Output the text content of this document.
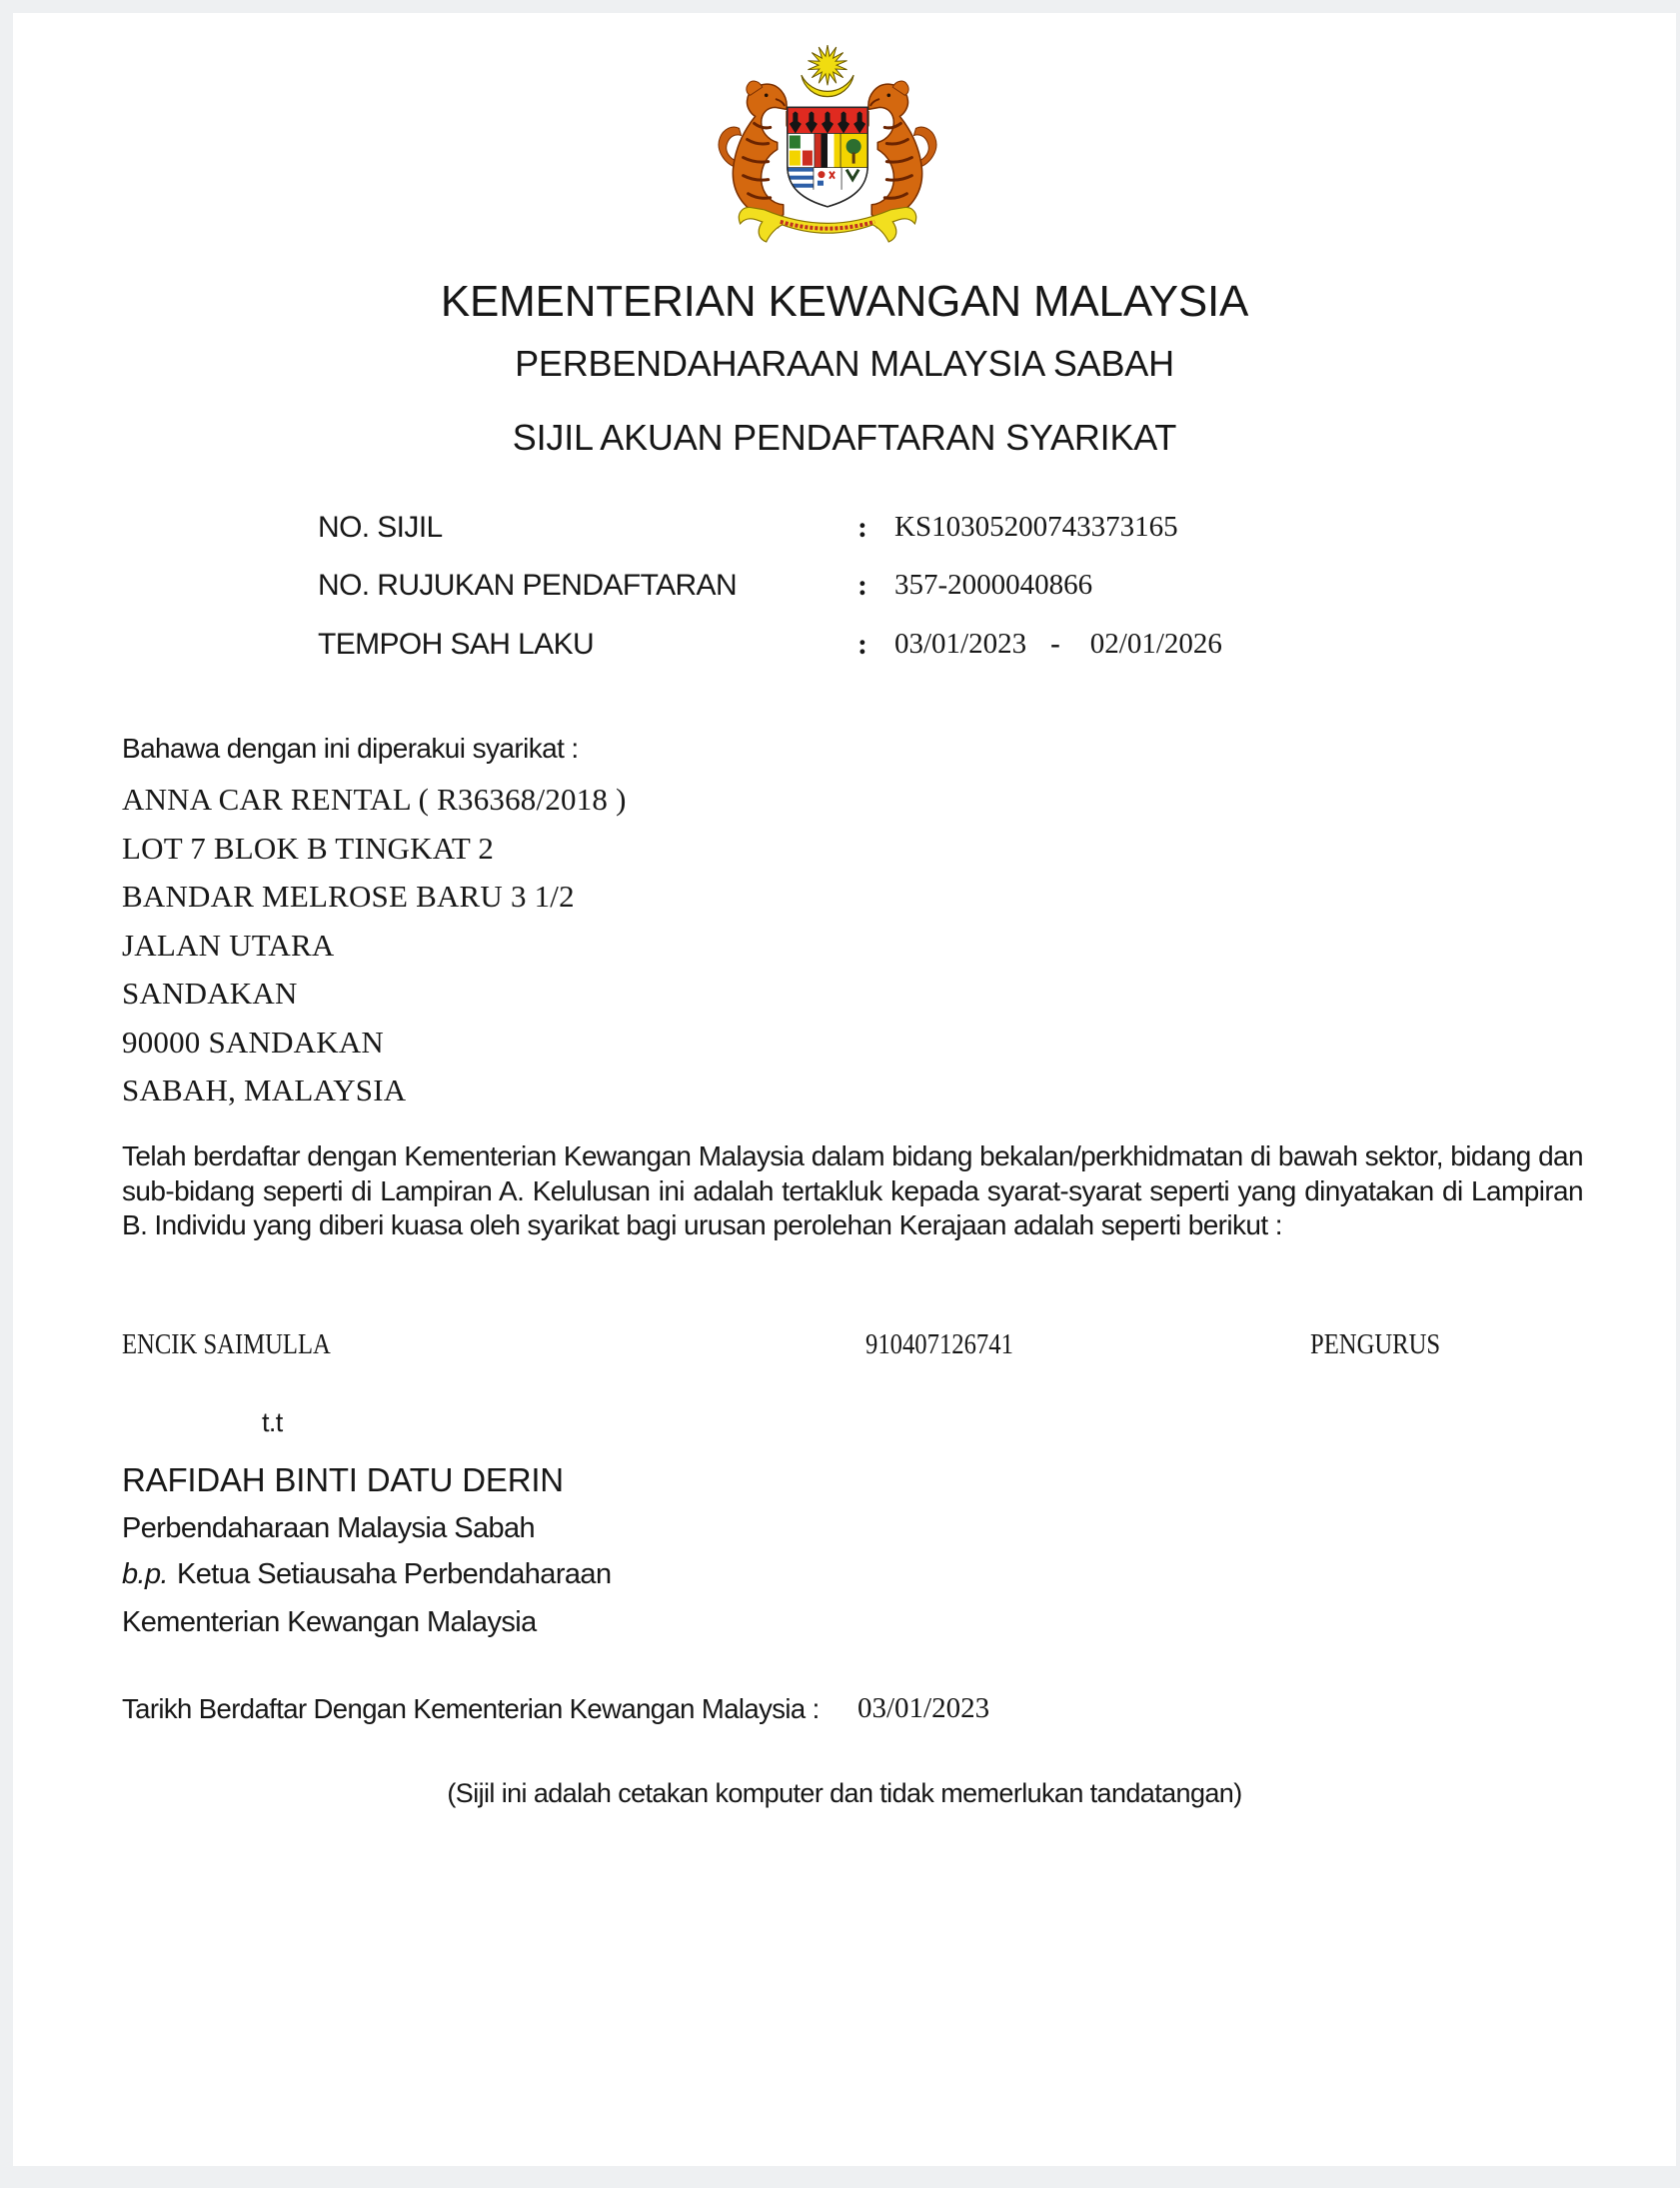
KEMENTERIAN KEWANGAN MALAYSIA
PERBENDAHARAAN MALAYSIA SABAH
SIJIL AKUAN PENDAFTARAN SYARIKAT
NO. SIJIL	: KS10305200743373165
NO. RUJUKAN PENDAFTARAN	: 357-2000040866
TEMPOH SAH LAKU	: 03/01/2023 - 02/01/2026
Bahawa dengan ini diperakui syarikat :
ANNA CAR RENTAL ( R36368/2018 )
LOT 7 BLOK B TINGKAT 2
BANDAR MELROSE BARU 3 1/2
JALAN UTARA
SANDAKAN
90000 SANDAKAN
SABAH, MALAYSIA
Telah berdaftar dengan Kementerian Kewangan Malaysia dalam bidang bekalan/perkhidmatan di bawah sektor, bidang dan sub-bidang seperti di Lampiran A. Kelulusan ini adalah tertakluk kepada syarat-syarat seperti yang dinyatakan di Lampiran B. Individu yang diberi kuasa oleh syarikat bagi urusan perolehan Kerajaan adalah seperti berikut :
ENCIK SAIMULLA	910407126741	PENGURUS
t.t
RAFIDAH BINTI DATU DERIN
Perbendaharaan Malaysia Sabah
b.p. Ketua Setiausaha Perbendaharaan
Kementerian Kewangan Malaysia
Tarikh Berdaftar Dengan Kementerian Kewangan Malaysia : 03/01/2023
(Sijil ini adalah cetakan komputer dan tidak memerlukan tandatangan)
